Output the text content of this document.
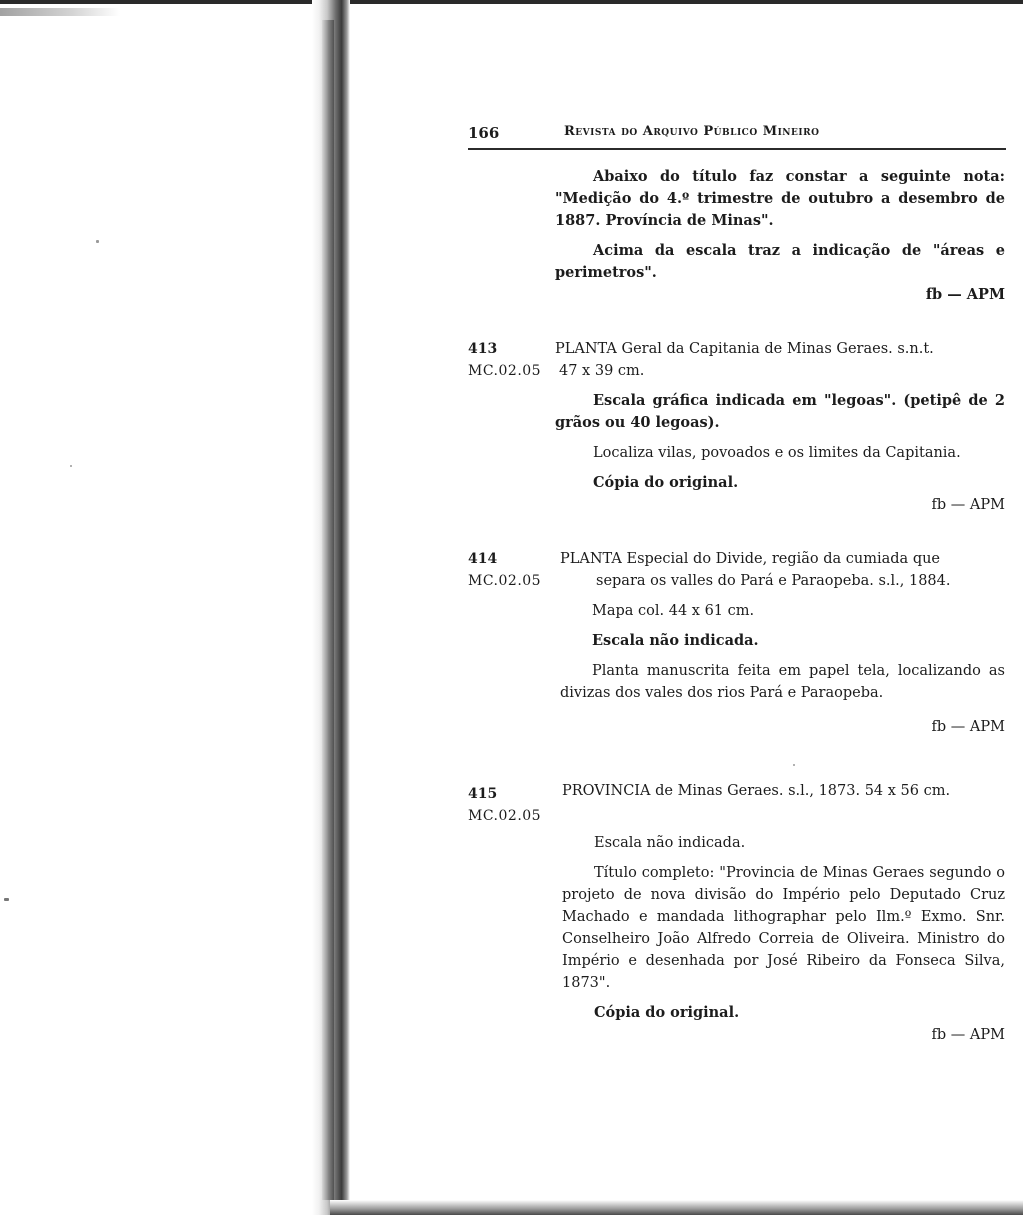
166	Revista do Arquivo Público Mineiro

Abaixo do título faz constar a seguinte nota: "Medição do 4.º trimestre de outubro a desembro de 1887. Província de Minas".

Acima da escala traz a indicação de "áreas e perimetros".

fb — APM

413
MC.02.05

PLANTA Geral da Capitania de Minas Geraes. s.n.t.

47 x 39 cm.

Escala gráfica indicada em "legoas". (petipê de 2 grãos ou 40 legoas).

Localiza vilas, povoados e os limites da Capitania.

Cópia do original.

fb — APM

414
MC.02.05

PLANTA Especial do Divide, região da cumiada que

separa os valles do Pará e Paraopeba. s.l., 1884.

Mapa col. 44 x 61 cm.

Escala não indicada.

Planta manuscrita feita em papel tela, localizando as divizas dos vales dos rios Pará e Paraopeba.

fb — APM

415
MC.02.05

PROVINCIA de Minas Geraes. s.l., 1873. 54 x 56 cm.

Escala não indicada.

Título completo: "Provincia de Minas Geraes segundo o projeto de nova divisão do Império pelo Deputado Cruz Machado e mandada lithographar pelo Ilm.º Exmo. Snr. Conselheiro João Alfredo Correia de Oliveira. Ministro do Império e desenhada por José Ribeiro da Fonseca Silva, 1873".

Cópia do original.

fb — APM
